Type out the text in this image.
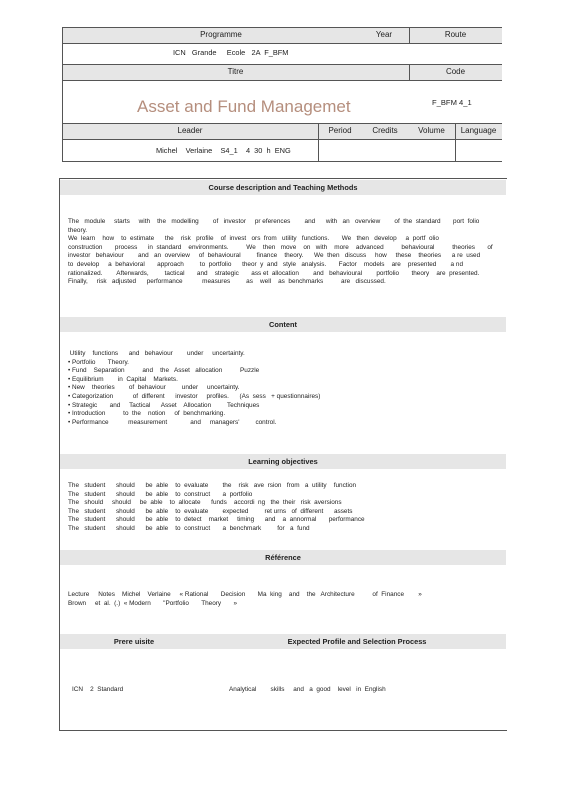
Programme	Year	Route
ICN   Grande     Ecole   2A  F_BFM
Titre	Code
Asset and Fund Managemet	F_BFM 4_1
Leader	Period	Credits	Volume	Language
Michel    Verlaine    S4_1    4  30  h  ENG
Course description and Teaching Methods
The   module     starts     with    the   modelling        of   investor     pr eferences        and      with   an   overview        of  the  standard       port  folio
theory.
We  learn    how    to  estimate      the    risk   profile    of  invest   ors  from   utility   functions.       We   then   develop     a  portf  olio
construction       process      in  standard    environments.          We    then   move    on   with    more    advanced          behavioural          theories       of
investor   behaviour        and   an  overview     of  behavioural         finance    theory.      We  then   discuss     how     these    theories      a re  used
to  develop     a  behavioral       approach         to  portfolio      theor  y  and   style   analysis.       Factor    models    are    presented        a nd
rationalized.        Afterwards,         tactical       and    strategic       ass et  allocation        and   behavioural        portfolio       theory    are  presented.
Finally,     risk   adjusted      performance           measures         as    well    as  benchmarks          are   discussed.
Content
Utility    functions      and   behaviour        under     uncertainty.
• Portfolio       Theory.
• Fund    Separation          and    the   Asset   allocation          Puzzle
• Equilibrium        in  Capital    Markets.
• New    theories        of  behaviour         under     uncertainty.
• Categorization           of  different      investor     profiles.      (As  sess   + questionnaires)
• Strategic       and     Tactical      Asset    Allocation         Techniques
• Introduction          to  the    notion     of  benchmarking.
• Performance           measurement             and     managers'         control.
Learning objectives
The   student      should      be  able    to  evaluate        the    risk   ave  rsion   from   a  utility    function
The   student      should      be  able    to  construct       a  portfolio
The   should     should     be  able    to  allocate      funds    accordi  ng   the  their   risk  aversions
The   student      should      be  able    to  evaluate        expected         ret urns   of  different      assets
The   student      should      be  able    to  detect    market     timing      and    a  annormal       performance
The   student      should      be  able    to  construct       a  benchmark         for   a  fund
Référence
Lecture     Notes    Michel    Verlaine     « Rational       Decision       Ma  king    and    the   Architecture          of  Finance        »
Brown     et  al.  (.)  « Modern       "Portfolio       Theory       »
Prere uisite	Expected Profile and Selection Process
ICN    2  Standard	Analytical        skills     and   a  good    level   in  English
